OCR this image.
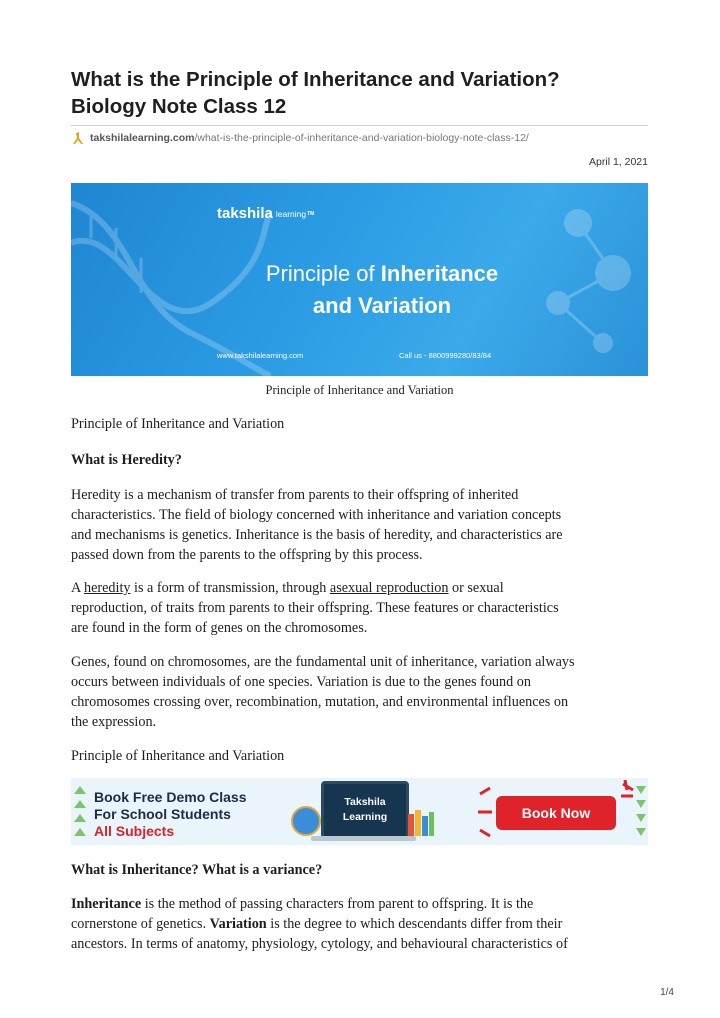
What is the Principle of Inheritance and Variation?
Biology Note Class 12
takshilalearning.com /what-is-the-principle-of-inheritance-and-variation-biology-note-class-12/
April 1, 2021
takshila learning TM
Principle of Inheritance
and Variation
www.takshilalearning.com	Call us - 8800999280/83/84
Principle of Inheritance and Variation

Principle of Inheritance and Variation

What is Heredity?

Heredity is a mechanism of transfer from parents to their offspring of inherited
characteristics. The field of biology concerned with inheritance and variation concepts
and mechanisms is genetics. Inheritance is the basis of heredity, and characteristics are
passed down from the parents to the offspring by this process.

A heredity is a form of transmission, through asexual reproduction or sexual
reproduction, of traits from parents to their offspring. These features or characteristics
are found in the form of genes on the chromosomes.

Genes, found on chromosomes, are the fundamental unit of inheritance, variation always
occurs between individuals of one species. Variation is due to the genes found on
chromosomes crossing over, recombination, mutation, and environmental influences on
the expression.

Principle of Inheritance and Variation

Book Free Demo Class
For School Students
All Subjects
Takshila
Learning	Book Now

What is Inheritance? What is a variance?

Inheritance is the method of passing characters from parent to offspring. It is the
cornerstone of genetics. Variation is the degree to which descendants differ from their
ancestors. In terms of anatomy, physiology, cytology, and behavioural characteristics of

1/4
